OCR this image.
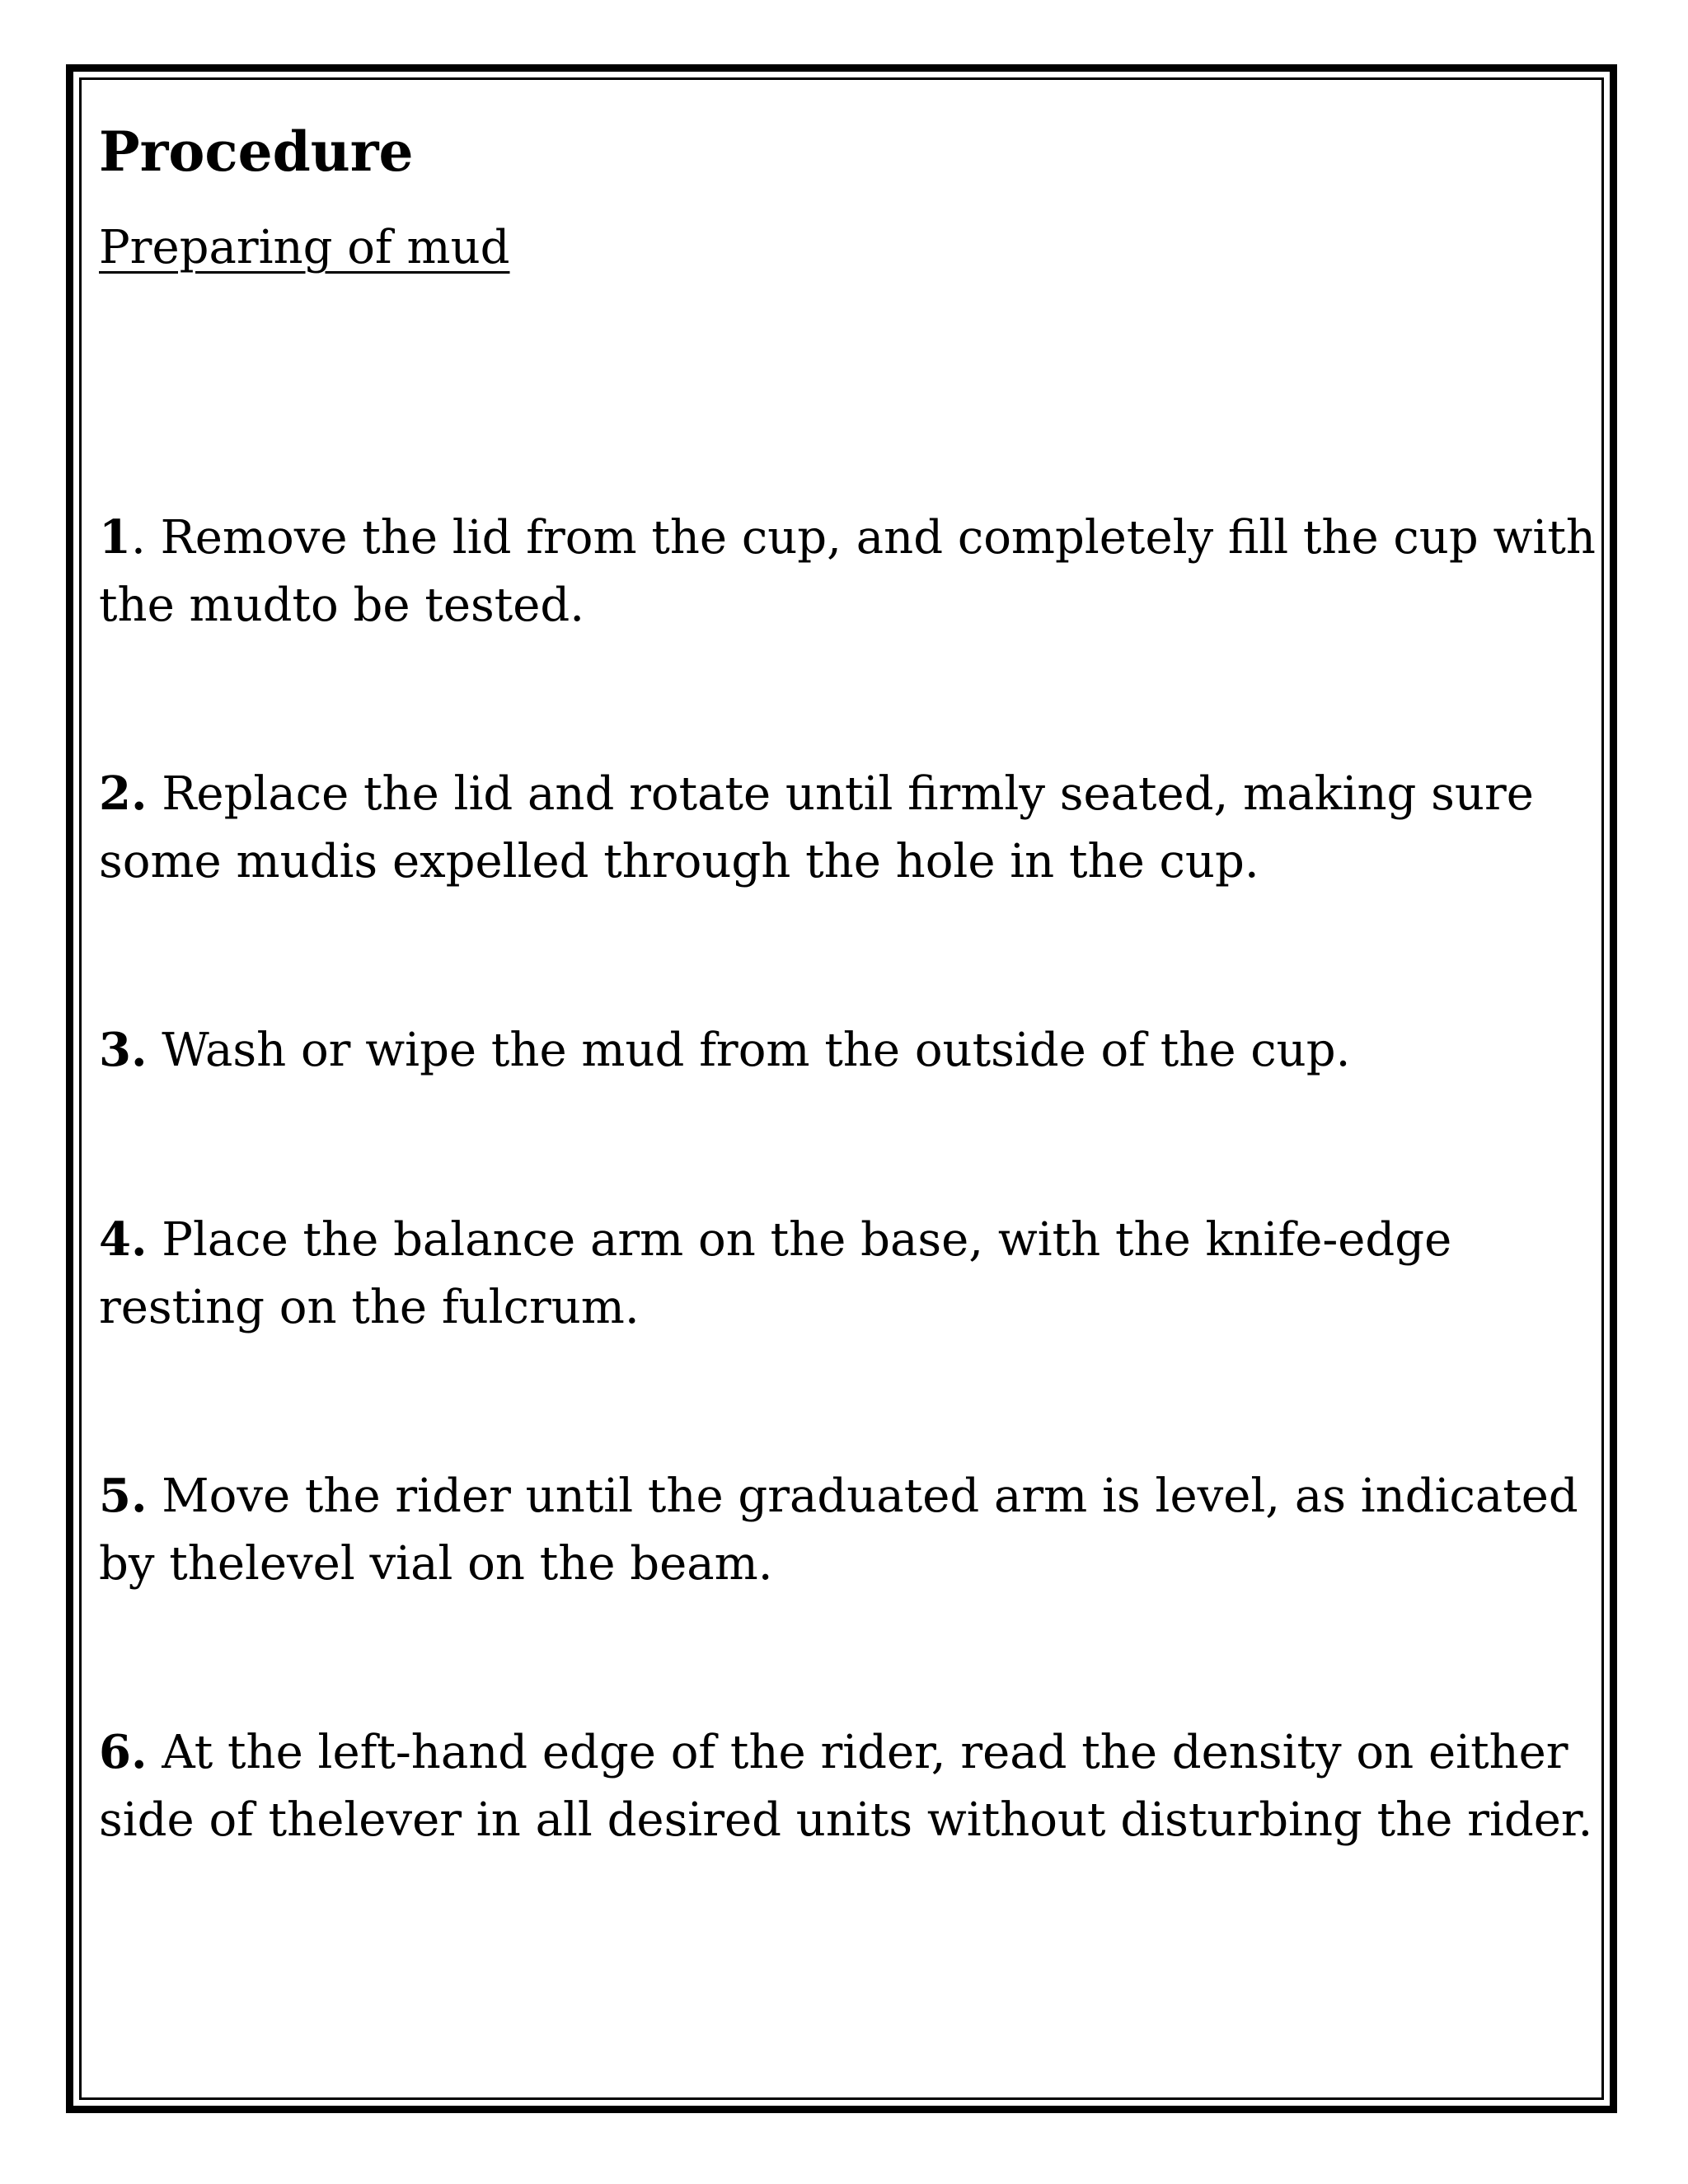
Procedure

Preparing of mud

1. Remove the lid from the cup, and completely fill the cup with the mudto be tested.

2. Replace the lid and rotate until firmly seated, making sure some mudis expelled through the hole in the cup.

3. Wash or wipe the mud from the outside of the cup.

4. Place the balance arm on the base, with the knife-edge resting on the fulcrum.

5. Move the rider until the graduated arm is level, as indicated by thelevel vial on the beam.

6. At the left-hand edge of the rider, read the density on either side of thelever in all desired units without disturbing the rider.
